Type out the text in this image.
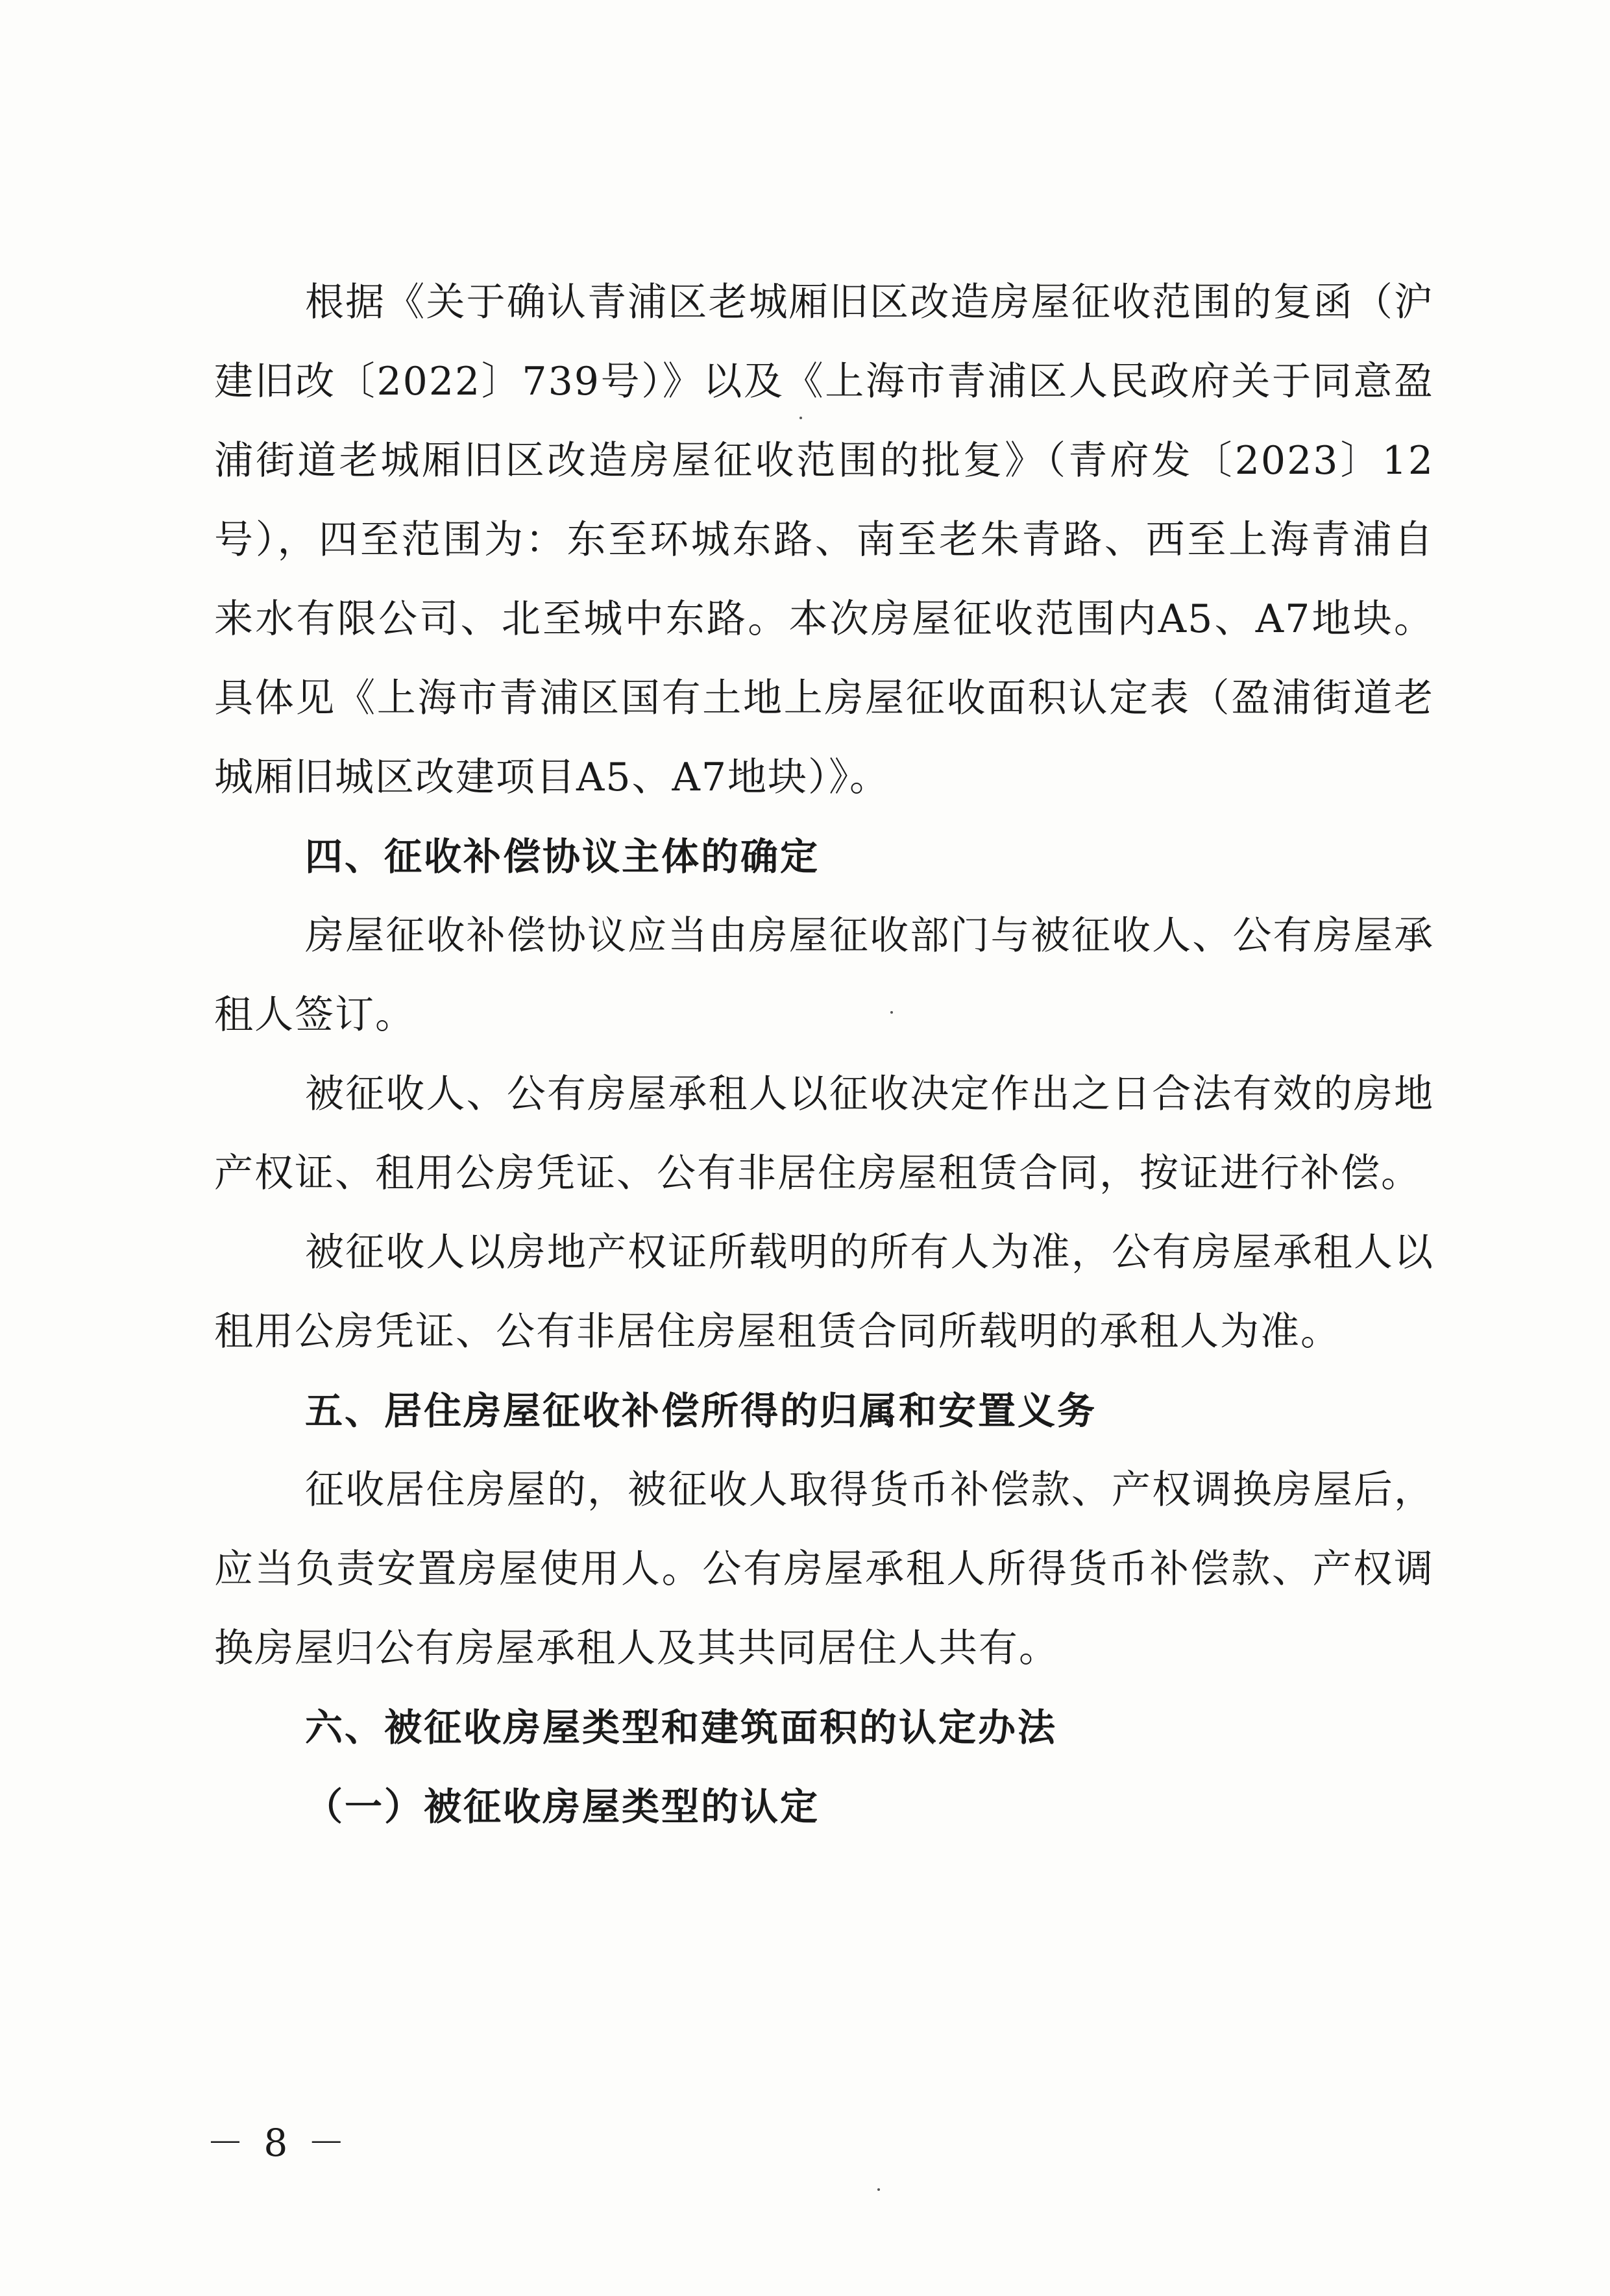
根据《关于确认青浦区老城厢旧区改造房屋征收范围的复函（沪建旧改〔2022〕739号）》以及《上海市青浦区人民政府关于同意盈浦街道老城厢旧区改造房屋征收范围的批复》（青府发〔2023〕12号），四至范围为：东至环城东路、南至老朱青路、西至上海青浦自来水有限公司、北至城中东路。本次房屋征收范围内A5、A7地块。具体见《上海市青浦区国有土地上房屋征收面积认定表（盈浦街道老城厢旧城区改建项目A5、A7地块）》。

四、征收补偿协议主体的确定

房屋征收补偿协议应当由房屋征收部门与被征收人、公有房屋承租人签订。

被征收人、公有房屋承租人以征收决定作出之日合法有效的房地产权证、租用公房凭证、公有非居住房屋租赁合同，按证进行补偿。

被征收人以房地产权证所载明的所有人为准，公有房屋承租人以租用公房凭证、公有非居住房屋租赁合同所载明的承租人为准。

五、居住房屋征收补偿所得的归属和安置义务

征收居住房屋的，被征收人取得货币补偿款、产权调换房屋后，应当负责安置房屋使用人。公有房屋承租人所得货币补偿款、产权调换房屋归公有房屋承租人及其共同居住人共有。

六、被征收房屋类型和建筑面积的认定办法

（一）被征收房屋类型的认定

－ 8 －
